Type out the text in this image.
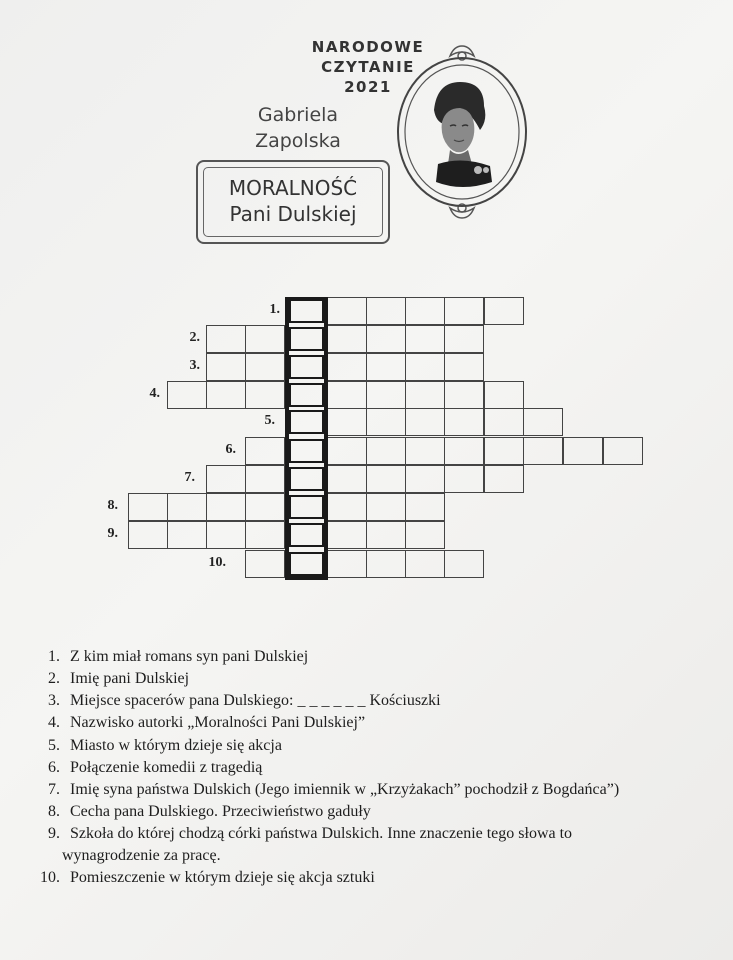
NARODOWE
CZYTANIE
2021
Gabriela
Zapolska
MORALNOŚĆ
Pani Dulskiej
1.
2.
3.
4.
5.
6.
7.
8.
9.
10.
1. Z kim miał romans syn pani Dulskiej
2. Imię pani Dulskiej
3. Miejsce spacerów pana Dulskiego: _ _ _ _ _ _ Kościuszki
4. Nazwisko autorki „Moralności Pani Dulskiej”
5. Miasto w którym dzieje się akcja
6. Połączenie komedii z tragedią
7. Imię syna państwa Dulskich (Jego imiennik w „Krzyżakach” pochodził z Bogdańca”)
8. Cecha pana Dulskiego. Przeciwieństwo gaduły
9. Szkoła do której chodzą córki państwa Dulskich. Inne znaczenie tego słowa to
10. Pomieszczenie w którym dzieje się akcja sztuki
wynagrodzenie za pracę.
